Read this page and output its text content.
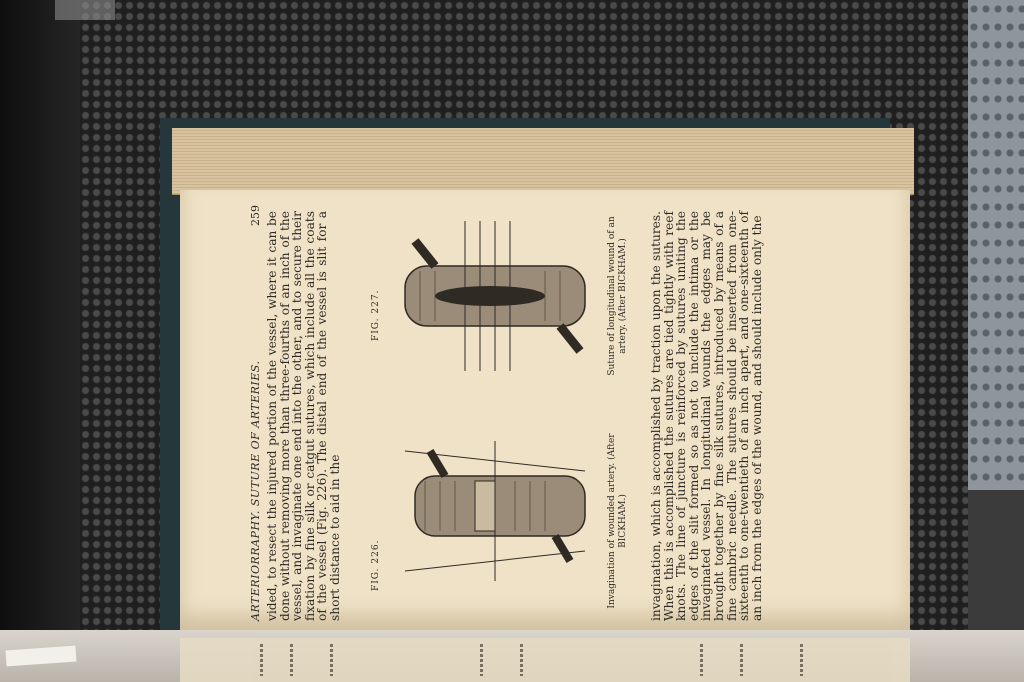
ARTERIORRAPHY. SUTURE OF ARTERIES.
259 vided, to resect the injured portion of the vessel, where it can be done without removing more than three-fourths of an inch of the vessel, and invaginate one end into the other, and to secure their fixation by fine silk or catgut sutures, which include all the coats of the vessel (Fig. 226). The distal end of the vessel is slit for a short distance to aid in the	FIG. 226.
FIG. 227.
Invagination of wounded artery. (After BICKHAM.)
Suture of longitudinal wound of an artery. (After BICKHAM.) invagination, which is accomplished by traction upon the sutures. When this is accomplished the sutures are tied tightly with reef knots. The line of juncture is reinforced by sutures uniting the edges of the slit formed so as not to include the intima or the invaginated vessel. In longitudinal wounds the edges may be brought together by fine silk sutures, introduced by means of a fine cambric needle. The sutures should be inserted from one-sixteenth to one-twentieth of an inch apart, and one-sixteenth of an inch from the edges of the wound, and should include only the
